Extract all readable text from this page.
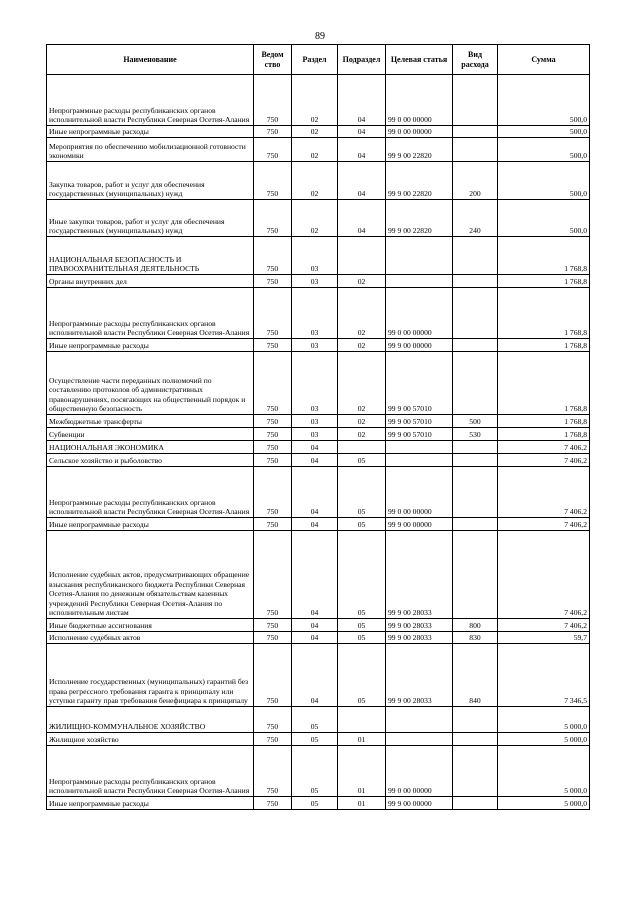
89
Наименование	Ведом ство	Раздел	Подраздел	Целевая статья	Вид расхода	Сумма
Непрограммные расходы республиканских органов исполнительной власти Республики Северная Осетия-Алания	750	02	04	99 0 00 00000		500,0
Иные непрограммные расходы	750	02	04	99 0 00 00000		500,0
Мероприятия по обеспечению мобилизационной готовности экономики	750	02	04	99 9 00 22820		500,0
Закупка товаров, работ и услуг для обеспечения государственных (муниципальных) нужд	750	02	04	99 9 00 22820	200	500,0
Иные закупки товаров, работ и услуг для обеспечения государственных (муниципальных) нужд	750	02	04	99 9 00 22820	240	500,0
НАЦИОНАЛЬНАЯ БЕЗОПАСНОСТЬ И ПРАВООХРАНИТЕЛЬНАЯ ДЕЯТЕЛЬНОСТЬ	750	03				1 768,8
Органы внутренних дел	750	03	02			1 768,8
Непрограммные расходы республиканских органов исполнительной власти Республики Северная Осетия-Алания	750	03	02	99 0 00 00000		1 768,8
Иные непрограммные расходы	750	03	02	99 9 00 00000		1 768,8
Осуществление части переданных полномочий по составлению протоколов об административных правонарушениях, посягающих на общественный порядок и общественную безопасность	750	03	02	99 9 00 57010		1 768,8
Межбюджетные трансферты	750	03	02	99 9 00 57010	500	1 768,8
Субвенции	750	03	02	99 9 00 57010	530	1 768,8
НАЦИОНАЛЬНАЯ ЭКОНОМИКА	750	04				7 406,2
Сельское хозяйство и рыболовство	750	04	05			7 406,2
Непрограммные расходы республиканских органов исполнительной власти Республики Северная Осетия-Алания	750	04	05	99 0 00 00000		7 406,2
Иные непрограммные расходы	750	04	05	99 9 00 00000		7 406,2
Исполнение судебных актов, предусматривающих обращение взыскания республиканского бюджета Республики Северная Осетия-Алания по денежным обязательствам казенных учреждений Республики Северная Осетия-Алания по исполнительным листам	750	04	05	99 9 00 28033		7 406,2
Иные бюджетные ассигнования	750	04	05	99 9 00 28033	800	7 406,2
Исполнение судебных актов	750	04	05	99 9 00 28033	830	59,7
Исполнение государственных (муниципальных) гарантий без права регрессного требования гаранта к принципалу или уступки гаранту прав требования бенефициара к принципалу	750	04	05	99 9 00 28033	840	7 346,5
ЖИЛИЩНО-КОММУНАЛЬНОЕ ХОЗЯЙСТВО	750	05				5 000,0
Жилищное хозяйство	750	05	01			5 000,0
Непрограммные расходы республиканских органов исполнительной власти Республики Северная Осетия-Алания	750	05	01	99 0 00 00000		5 000,0
Иные непрограммные расходы	750	05	01	99 9 00 00000		5 000,0
